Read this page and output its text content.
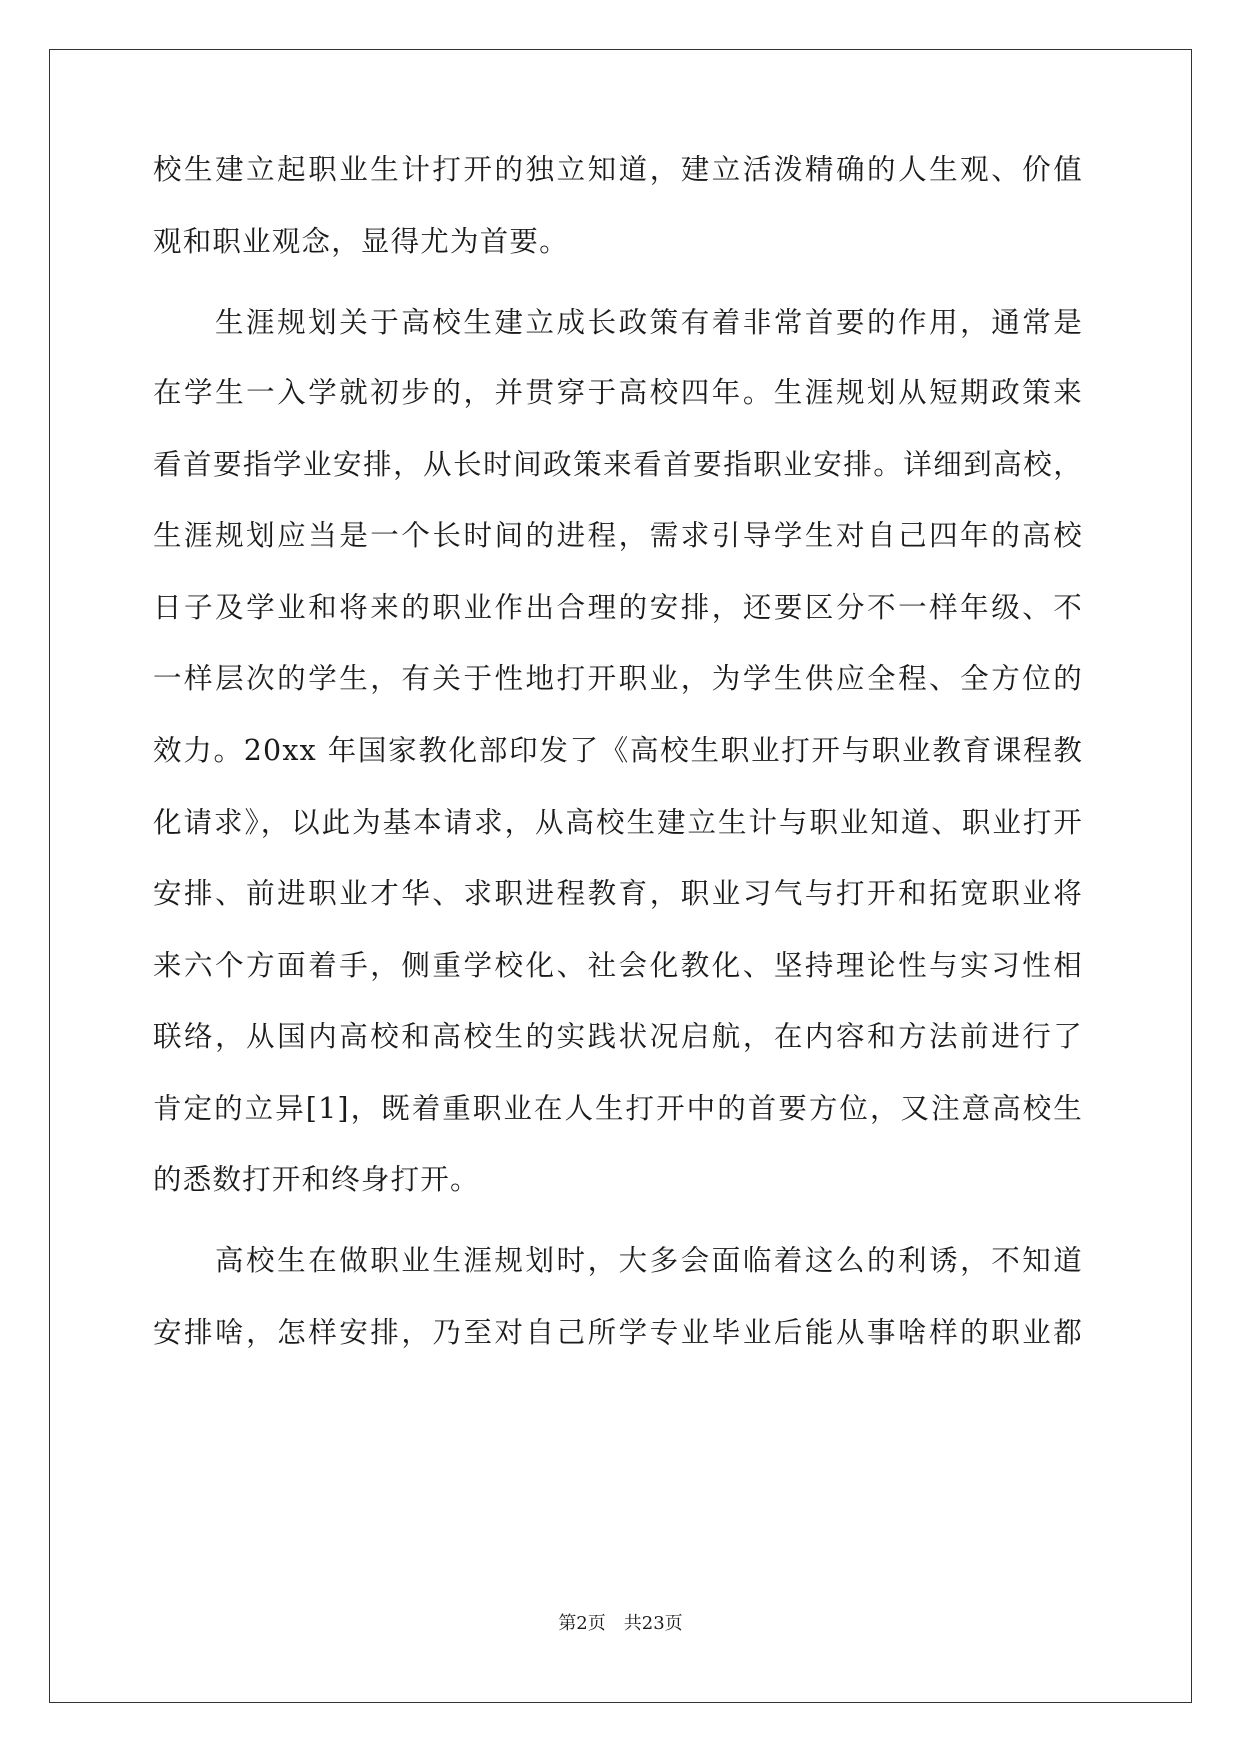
校生建立起职业生计打开的独立知道，建立活泼精确的人生观、价值
观和职业观念，显得尤为首要。
生涯规划关于高校生建立成长政策有着非常首要的作用，通常是
在学生一入学就初步的，并贯穿于高校四年。生涯规划从短期政策来
看首要指学业安排，从长时间政策来看首要指职业安排。详细到高校，
生涯规划应当是一个长时间的进程，需求引导学生对自己四年的高校
日子及学业和将来的职业作出合理的安排，还要区分不一样年级、不
一样层次的学生，有关于性地打开职业，为学生供应全程、全方位的
效力。20xx 年国家教化部印发了《高校生职业打开与职业教育课程教
化请求》，以此为基本请求，从高校生建立生计与职业知道、职业打开
安排、前进职业才华、求职进程教育，职业习气与打开和拓宽职业将
来六个方面着手，侧重学校化、社会化教化、坚持理论性与实习性相
联络，从国内高校和高校生的实践状况启航，在内容和方法前进行了
肯定的立异[1]，既着重职业在人生打开中的首要方位，又注意高校生
的悉数打开和终身打开。
高校生在做职业生涯规划时，大多会面临着这么的利诱，不知道
安排啥，怎样安排，乃至对自己所学专业毕业后能从事啥样的职业都
第2页 共23页
